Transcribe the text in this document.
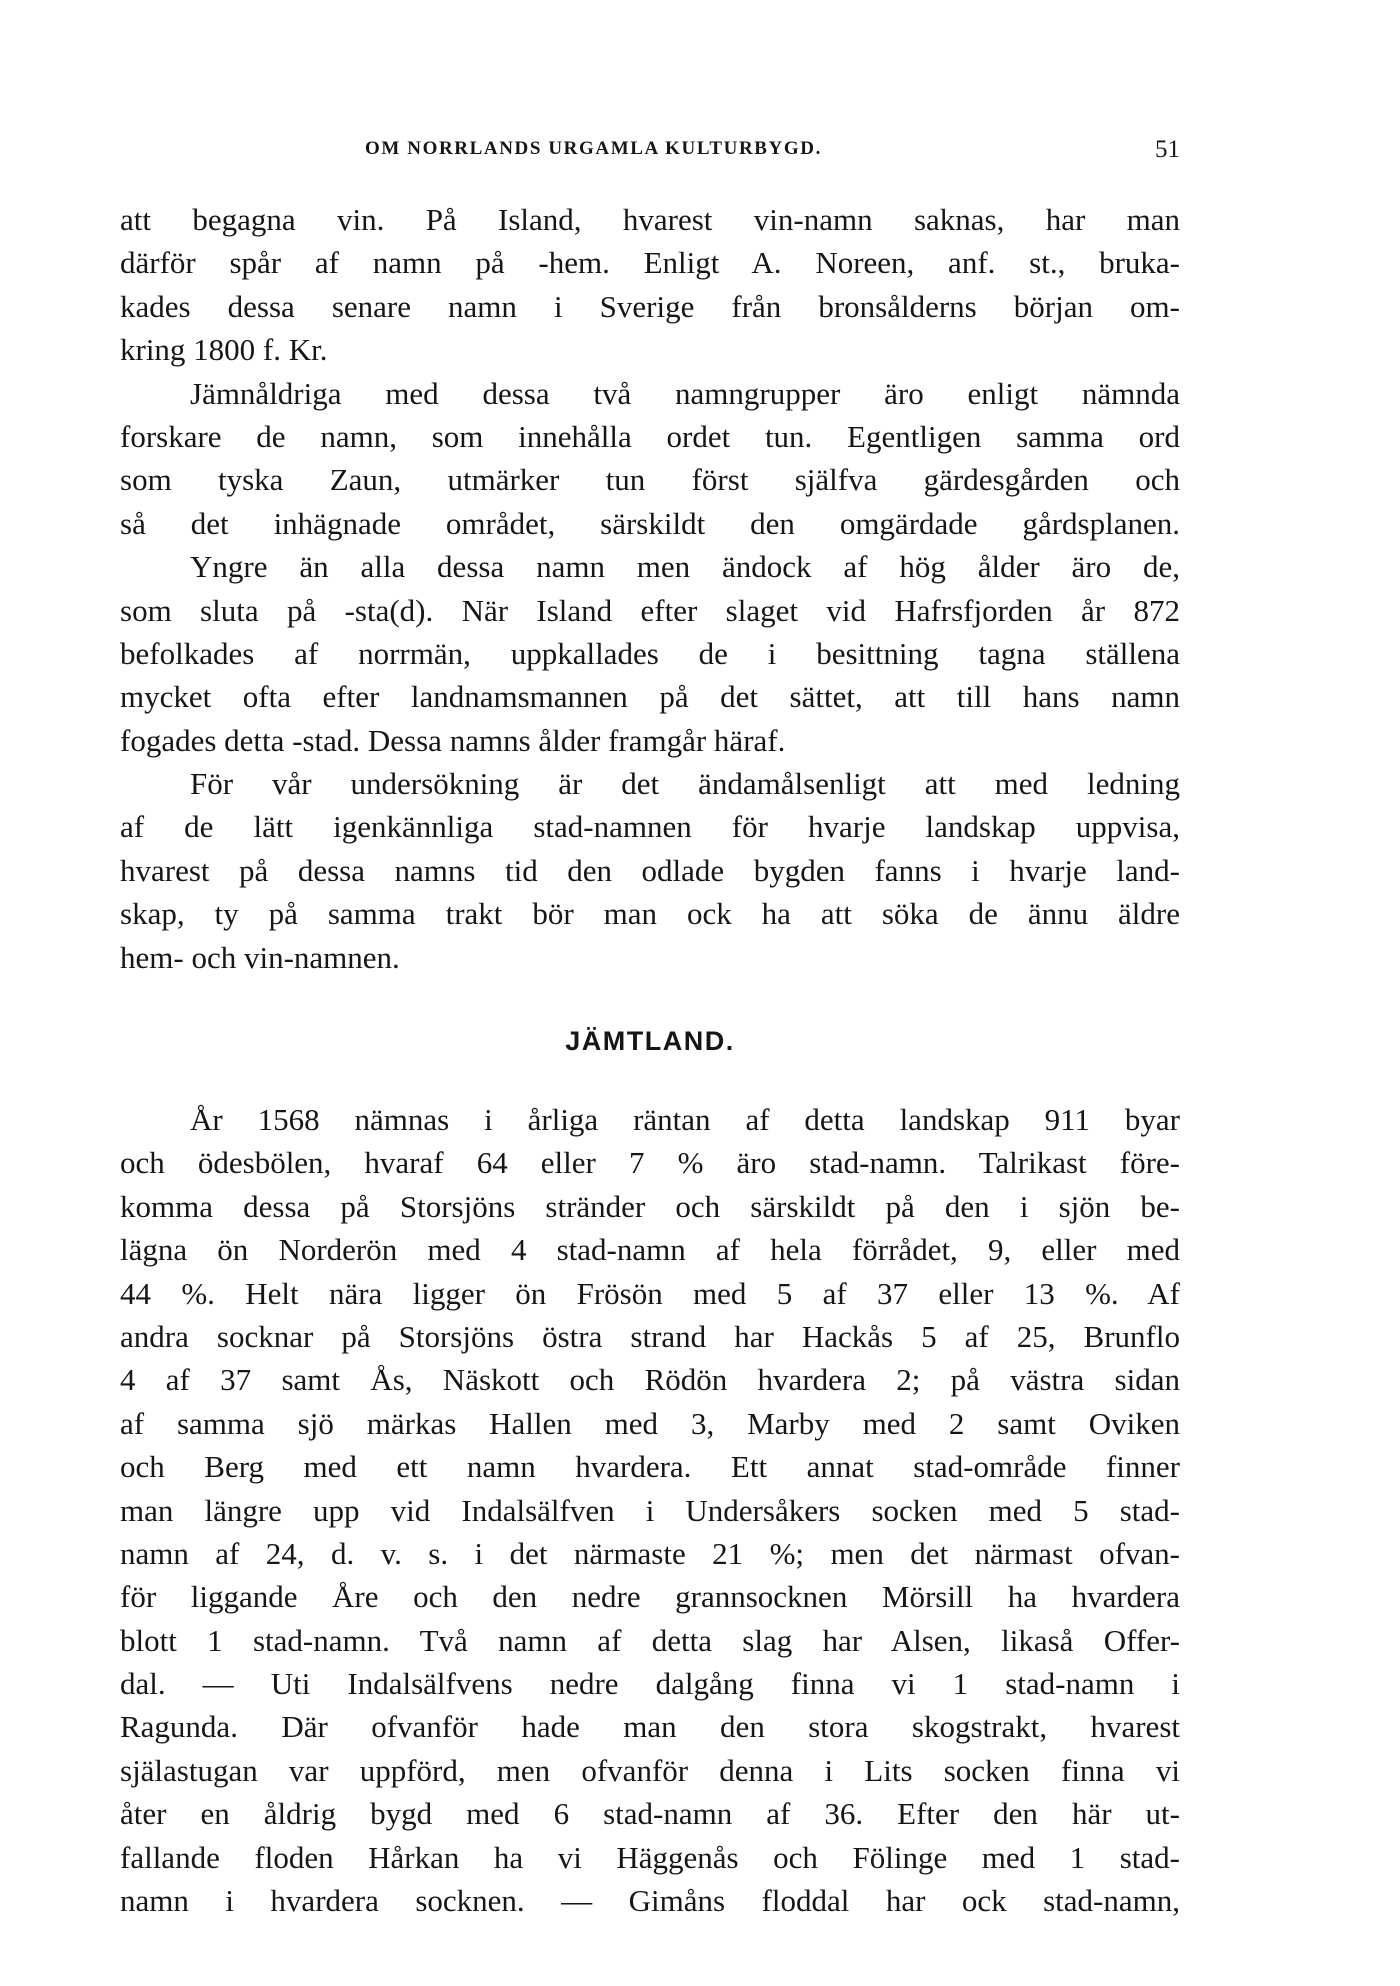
OM NORRLANDS URGAMLA KULTURBYGD.	51
att begagna vin. På Island, hvarest vin-namn saknas, har man
därför spår af namn på -hem. Enligt A. Noreen, anf. st., bruka-
kades dessa senare namn i Sverige från bronsålderns början om-
kring 1800 f. Kr.
Jämnåldriga med dessa två namngrupper äro enligt nämnda
forskare de namn, som innehålla ordet tun. Egentligen samma ord
som tyska Zaun, utmärker tun först själfva gärdesgården och
så det inhägnade området, särskildt den omgärdade gårdsplanen.
Yngre än alla dessa namn men ändock af hög ålder äro de,
som sluta på -sta(d). När Island efter slaget vid Hafrsfjorden år 872
befolkades af norrmän, uppkallades de i besittning tagna ställena
mycket ofta efter landnamsmannen på det sättet, att till hans namn
fogades detta -stad. Dessa namns ålder framgår häraf.
För vår undersökning är det ändamålsenligt att med ledning
af de lätt igenkännliga stad-namnen för hvarje landskap uppvisa,
hvarest på dessa namns tid den odlade bygden fanns i hvarje land-
skap, ty på samma trakt bör man ock ha att söka de ännu äldre
hem- och vin-namnen.
JÄMTLAND.
År 1568 nämnas i årliga räntan af detta landskap 911 byar
och ödesbölen, hvaraf 64 eller 7 % äro stad-namn. Talrikast före-
komma dessa på Storsjöns stränder och särskildt på den i sjön be-
lägna ön Norderön med 4 stad-namn af hela förrådet, 9, eller med
44 %. Helt nära ligger ön Frösön med 5 af 37 eller 13 %. Af
andra socknar på Storsjöns östra strand har Hackås 5 af 25, Brunflo
4 af 37 samt Ås, Näskott och Rödön hvardera 2; på västra sidan
af samma sjö märkas Hallen med 3, Marby med 2 samt Oviken
och Berg med ett namn hvardera. Ett annat stad-område finner
man längre upp vid Indalsälfven i Undersåkers socken med 5 stad-
namn af 24, d. v. s. i det närmaste 21 %; men det närmast ofvan-
för liggande Åre och den nedre grannsocknen Mörsill ha hvardera
blott 1 stad-namn. Två namn af detta slag har Alsen, likaså Offer-
dal. — Uti Indalsälfvens nedre dalgång finna vi 1 stad-namn i
Ragunda. Där ofvanför hade man den stora skogstrakt, hvarest
själastugan var uppförd, men ofvanför denna i Lits socken finna vi
åter en åldrig bygd med 6 stad-namn af 36. Efter den här ut-
fallande floden Hårkan ha vi Häggenås och Fölinge med 1 stad-
namn i hvardera socknen. — Gimåns floddal har ock stad-namn,
